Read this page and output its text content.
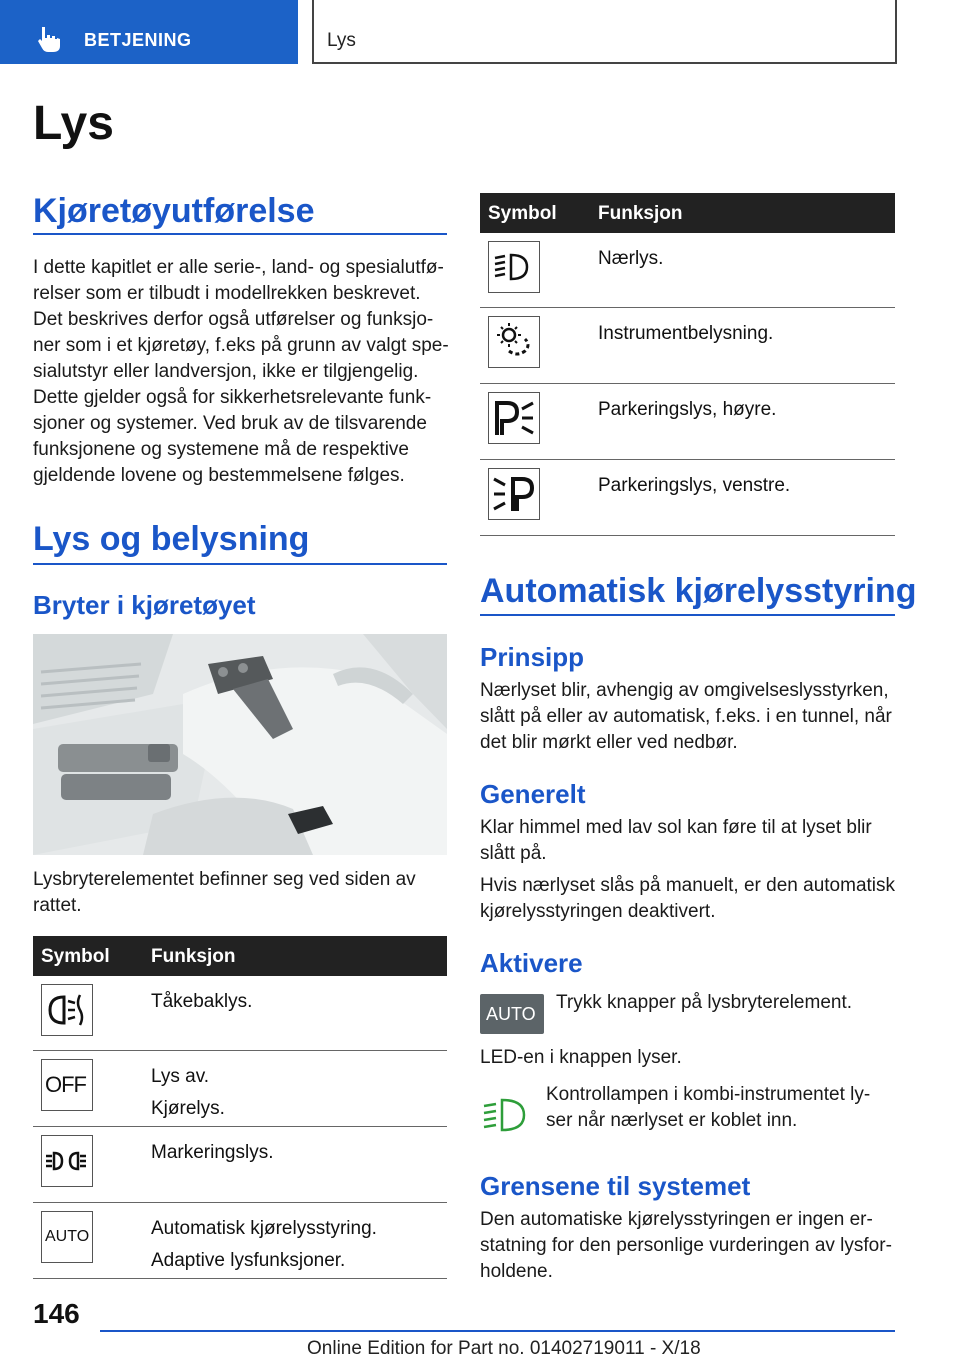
BETJENING	Lys
Lys
Kjøretøyutførelse
I dette kapitlet er alle serie-, land- og spesialutfø-
relser som er tilbudt i modellrekken beskrevet.
Det beskrives derfor også utførelser og funksjo-
ner som i et kjøretøy, f.eks på grunn av valgt spe-
sialutstyr eller landversjon, ikke er tilgjengelig.
Dette gjelder også for sikkerhetsrelevante funk-
sjoner og systemer. Ved bruk av de tilsvarende
funksjonene og systemene må de respektive
gjeldende lovene og bestemmelsene følges.
Lys og belysning
Bryter i kjøretøyet
Lysbryterelementet befinner seg ved siden av
rattet.
Symbol Funksjon
Tåkebaklys.
OFF	Lys av.
Kjørelys.
Markeringslys.
AUTO	Automatisk kjørelysstyring.
Adaptive lysfunksjoner.
Symbol Funksjon
Nærlys.
Instrumentbelysning.
Parkeringslys, høyre.
Parkeringslys, venstre.
Automatisk kjørelysstyring
Prinsipp
Nærlyset blir, avhengig av omgivelseslysstyrken,
slått på eller av automatisk, f.eks. i en tunnel, når
det blir mørkt eller ved nedbør.
Generelt
Klar himmel med lav sol kan føre til at lyset blir
slått på.
Hvis nærlyset slås på manuelt, er den automatisk
kjørelysstyringen deaktivert.
Aktivere
AUTO
Trykk knapper på lysbryterelement.
LED-en i knappen lyser.
Kontrollampen i kombi-instrumentet ly-
ser når nærlyset er koblet inn.
Grensene til systemet
Den automatiske kjørelysstyringen er ingen er-
statning for den personlige vurderingen av lysfor-
holdene.
146
Online Edition for Part no. 01402719011 - X/18
